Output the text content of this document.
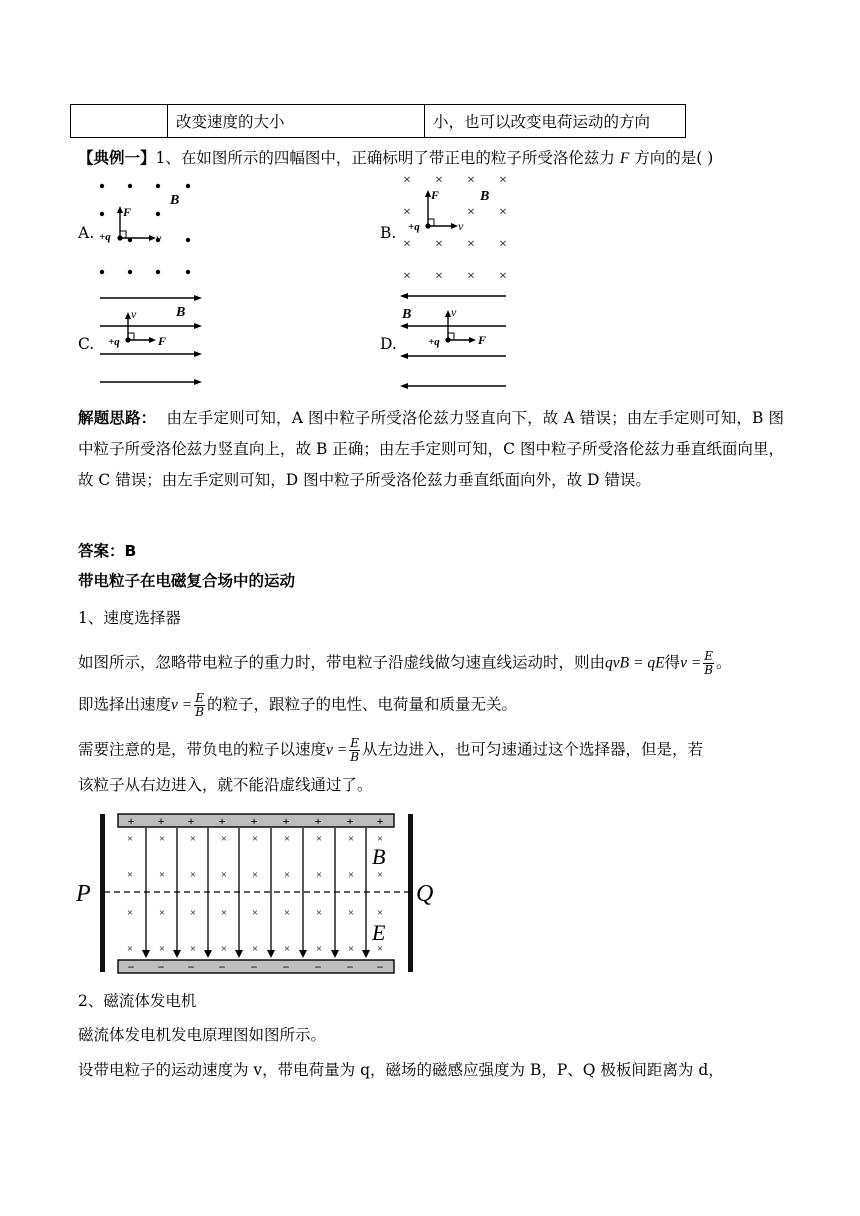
	改变速度的大小	小，也可以改变电荷运动的方向
【典例一】1、在如图所示的四幅图中，正确标明了带正电的粒子所受洛伦兹力 F 方向的是( )
A.	B.
C.	D.
B
F
v
+q
× × × ×
×	× ×
× × × ×
× × × ×
B
F
v
+q
B
v
F
+q
B	v
F
+q
解题思路： 由左手定则可知，A 图中粒子所受洛伦兹力竖直向下，故 A 错误；由左手定则可知，B 图中粒子所受洛伦兹力竖直向上，故 B 正确；由左手定则可知，C 图中粒子所受洛伦兹力垂直纸面向里，故 C 错误；由左手定则可知，D 图中粒子所受洛伦兹力垂直纸面向外，故 D 错误。
答案：B
带电粒子在电磁复合场中的运动
1、速度选择器
如图所示，忽略带电粒子的重力时，带电粒子沿虚线做匀速直线运动时，则由qvB = qE得$v = \frac{E}{B}$ 。
即选择出速度$v = \frac{E}{B}$ 的粒子，跟粒子的电性、电荷量和质量无关。
需要注意的是，带负电的粒子以速度$v = \frac{E}{B}$ 从左边进入，也可匀速通过这个选择器，但是，若
该粒子从右边进入，就不能沿虚线通过了。
+ + + + + + + + +
− − − − − − − − −
× × × × × × × × ×
× × × × × × × × ×
× × × × × × × × ×
× × × × × × × × ×
P	Q
B
E
2、磁流体发电机
磁流体发电机发电原理图如图所示。
设带电粒子的运动速度为 v，带电荷量为 q，磁场的磁感应强度为 B，P、Q 极板间距离为 d，
